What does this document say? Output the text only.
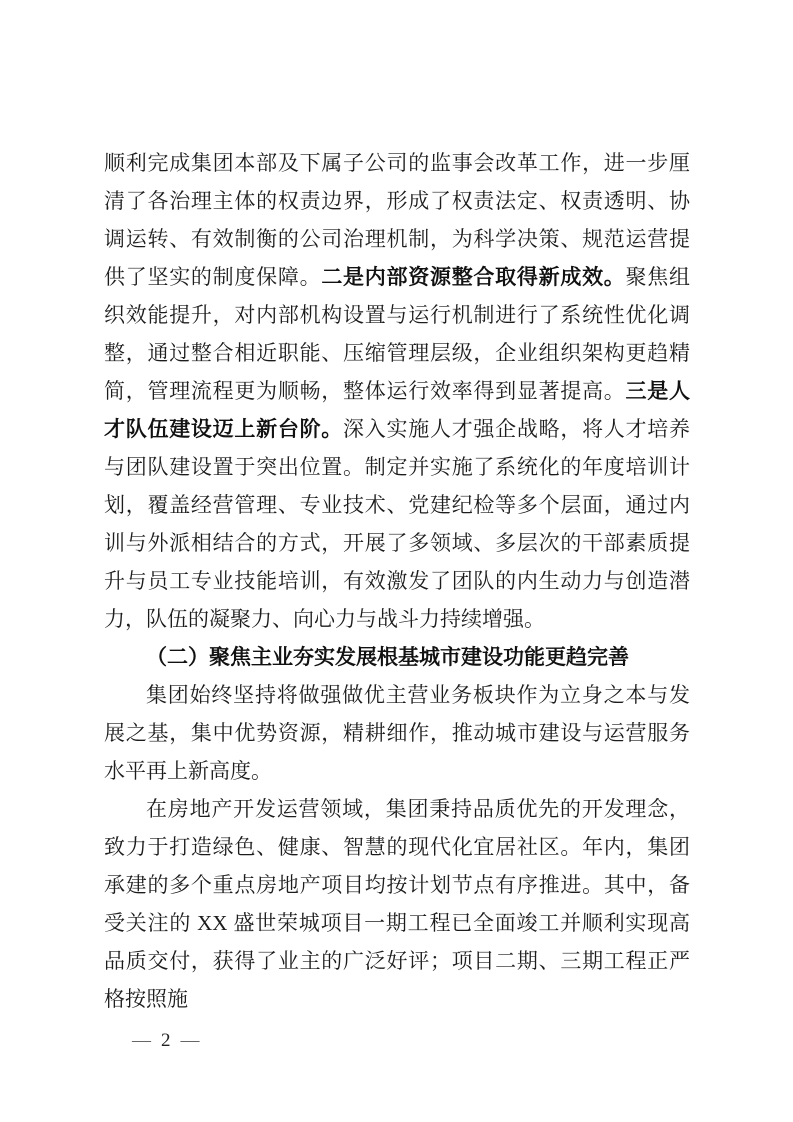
顺利完成集团本部及下属子公司的监事会改革工作，进一步厘清了各治理主体的权责边界，形成了权责法定、权责透明、协调运转、有效制衡的公司治理机制，为科学决策、规范运营提供了坚实的制度保障。二是内部资源整合取得新成效。聚焦组织效能提升，对内部机构设置与运行机制进行了系统性优化调整，通过整合相近职能、压缩管理层级，企业组织架构更趋精简，管理流程更为顺畅，整体运行效率得到显著提高。三是人才队伍建设迈上新台阶。深入实施人才强企战略，将人才培养与团队建设置于突出位置。制定并实施了系统化的年度培训计划，覆盖经营管理、专业技术、党建纪检等多个层面，通过内训与外派相结合的方式，开展了多领域、多层次的干部素质提升与员工专业技能培训，有效激发了团队的内生动力与创造潜力，队伍的凝聚力、向心力与战斗力持续增强。

（二）聚焦主业夯实发展根基城市建设功能更趋完善

集团始终坚持将做强做优主营业务板块作为立身之本与发展之基，集中优势资源，精耕细作，推动城市建设与运营服务水平再上新高度。

在房地产开发运营领域，集团秉持品质优先的开发理念，致力于打造绿色、健康、智慧的现代化宜居社区。年内，集团承建的多个重点房地产项目均按计划节点有序推进。其中，备受关注的 XX 盛世荣城项目一期工程已全面竣工并顺利实现高品质交付，获得了业主的广泛好评；项目二期、三期工程正严格按照施

— 2 —
